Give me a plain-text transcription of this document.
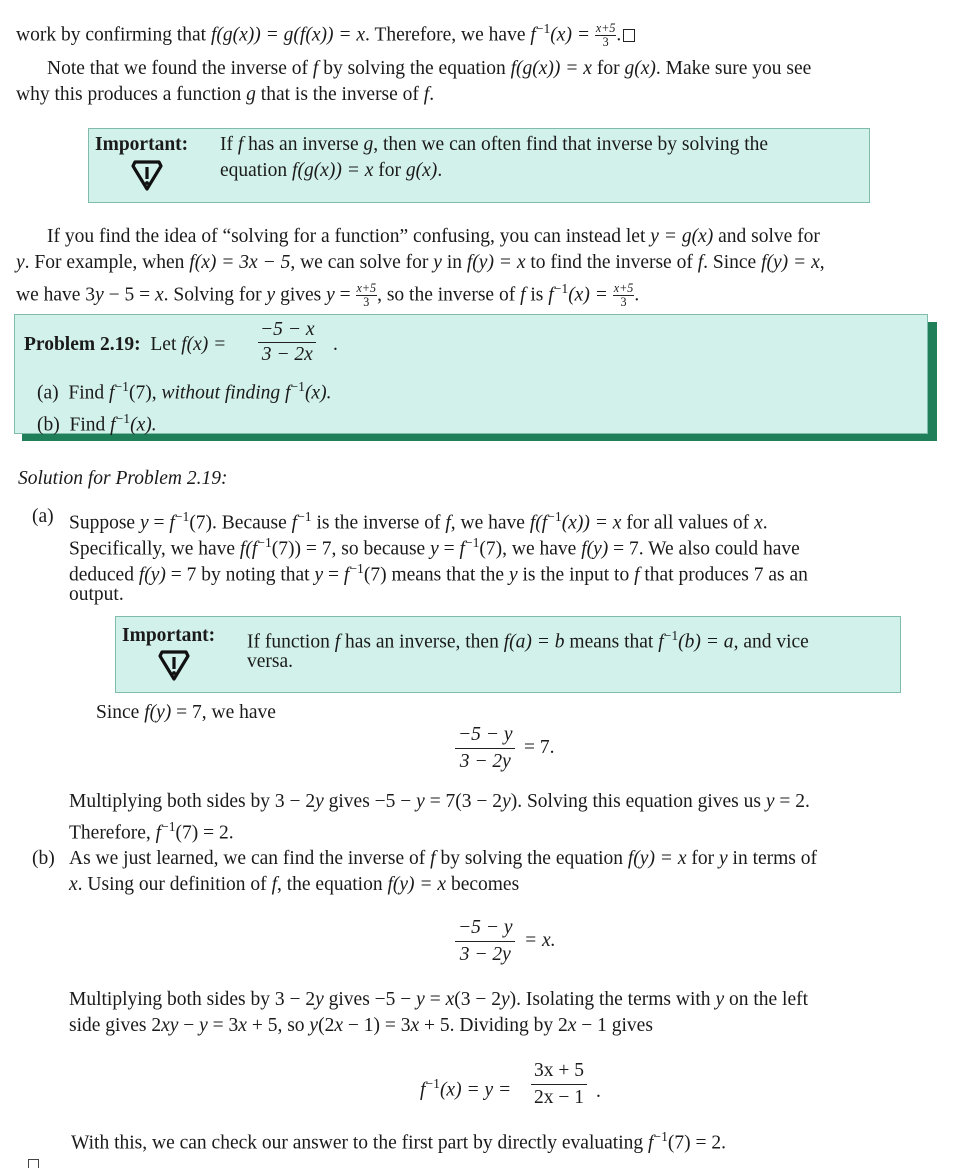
work by confirming that f(g(x)) = g(f(x)) = x. Therefore, we have $f^{-1}(x) = \frac{x+5}{3}$ .
Note that we found the inverse of f by solving the equation f(g(x)) = x for g(x). Make sure you see
why this produces a function g that is the inverse of f.
Important: If f has an inverse g, then we can often find that inverse by solving the
equation f(g(x)) = x for g(x).
If you find the idea of “solving for a function” confusing, you can instead let y = g(x) and solve for
y. For example, when f(x) = 3x − 5, we can solve for y in f(y) = x to find the inverse of f. Since f(y) = x,
we have 3y − 5 = x. Solving for y gives $y = \frac{x+5}{3}$ , so the inverse of f is $f^{-1}(x) = \frac{x+5}{3}$ .
Problem 2.19: Let $f(x) = \frac{-5 - x}{3 - 2x}$ .
(a) Find $f^{-1}(7)$, without finding $f^{-1}(x)$.
(b) Find $f^{-1}(x)$.
Solution for Problem 2.19:
(a) Suppose $y = f^{-1}(7)$. Because $f^{-1}$ is the inverse of f, we have $f(f^{-1}(x)) = x$ for all values of x.
Specifically, we have $f(f^{-1}(7)) = 7$, so because $y = f^{-1}(7)$, we have f(y) = 7. We also could have
deduced f(y) = 7 by noting that $y = f^{-1}(7)$ means that the y is the input to f that produces 7 as an
output.
Important: If function f has an inverse, then f(a) = b means that $f^{-1}(b) = a$, and vice
versa.
Since f(y) = 7, we have
$\frac{-5 - y}{3 - 2y} = 7$.
Multiplying both sides by 3 − 2y gives −5 − y = 7(3 − 2y). Solving this equation gives us y = 2.
Therefore, $f^{-1}(7) = 2$.
(b) As we just learned, we can find the inverse of f by solving the equation f(y) = x for y in terms of
x. Using our definition of f, the equation f(y) = x becomes
$\frac{-5 - y}{3 - 2y} = x$.
Multiplying both sides by 3 − 2y gives −5 − y = x(3 − 2y). Isolating the terms with y on the left
side gives 2xy − y = 3x + 5, so y(2x − 1) = 3x + 5. Dividing by 2x − 1 gives
$f^{-1}(x) = y = \frac{3x + 5}{2x - 1}$ .
With this, we can check our answer to the first part by directly evaluating $f^{-1}(7) = 2$.
